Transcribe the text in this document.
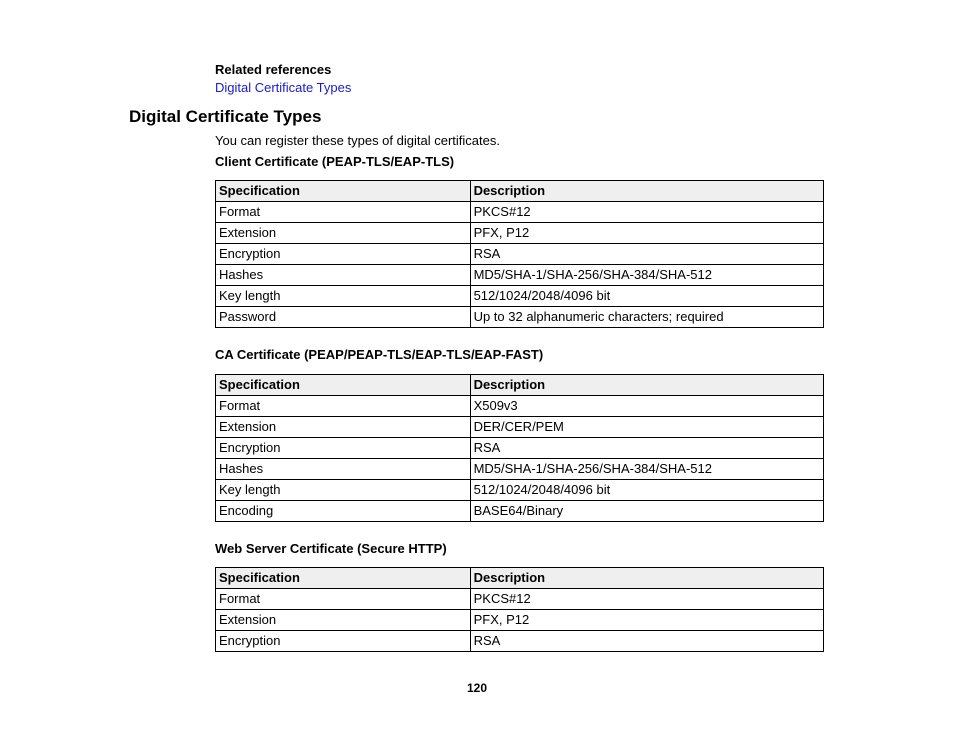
Related references
Digital Certificate Types
Digital Certificate Types
You can register these types of digital certificates.
Client Certificate (PEAP-TLS/EAP-TLS)
Specification	Description
Format	PKCS#12
Extension	PFX, P12
Encryption	RSA
Hashes	MD5/SHA-1/SHA-256/SHA-384/SHA-512
Key length	512/1024/2048/4096 bit
Password	Up to 32 alphanumeric characters; required
CA Certificate (PEAP/PEAP-TLS/EAP-TLS/EAP-FAST)
Specification	Description
Format	X509v3
Extension	DER/CER/PEM
Encryption	RSA
Hashes	MD5/SHA-1/SHA-256/SHA-384/SHA-512
Key length	512/1024/2048/4096 bit
Encoding	BASE64/Binary
Web Server Certificate (Secure HTTP)
Specification	Description
Format	PKCS#12
Extension	PFX, P12
Encryption	RSA
120
